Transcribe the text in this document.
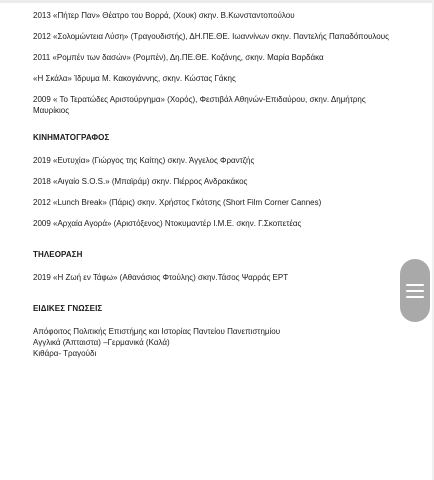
2013 «Πήτερ Παν» Θέατρο του Βορρά, (Χουκ) σκην. Β.Κωνσταντοπούλου
2012 «Σολομώντεια Λύση» (Τραγουδιστής), ΔΗ.ΠΕ.ΘΕ. Ιωαννίνων σκην. Παντελής Παπαδόπουλους
2011 «Ρομπέν των δασών» (Ρομπέν), Δη.ΠΕ.ΘΕ. Κοζάνης, σκην. Μαρία Βαρδάκα
«Η Σκάλα» Ίδρυμα Μ. Κακογιάννης, σκην. Κώστας Γάκης
2009 « Το Τερατώδες Αριστούργημα» (Χορός), Φεστιβάλ Αθηνών-Επιδαύρου, σκην. Δημήτρης Μαυρίκιος
ΚΙΝΗΜΑΤΟΓΡΑΦΟΣ
2019 «Ευτυχία» (Γιώργος της Καίτης) σκην. Άγγελος Φραντζής
2018 «Αιγαίο S.O.S.» (Μπαϊράμ) σκην. Πιέρρος Ανδρακάκος
2012 «Lunch Break» (Πάρις) σκην. Χρήστος Γκότσης (Short Film Corner Cannes)
2009 «Αρχαία Αγορά» (Αριστόξενος) Ντοκυμαντέρ Ι.Μ.Ε. σκην. Γ.Σκοπετέας
ΤΗΛΕΟΡΑΣΗ
2019 «Η Ζωή εν Τάφω» (Αθανάσιος Φτούλης) σκην.Τάσος Ψαρράς ΕΡΤ
ΕΙΔΙΚΕΣ ΓΝΩΣΕΙΣ
Απόφοιτος Πολιτικής Επιστήμης και Ιστορίας Παντείου Πανεπιστημίου
Αγγλικά (Άπταιστα) –Γερμανικά (Καλά)
Κιθάρα- Τραγούδι
